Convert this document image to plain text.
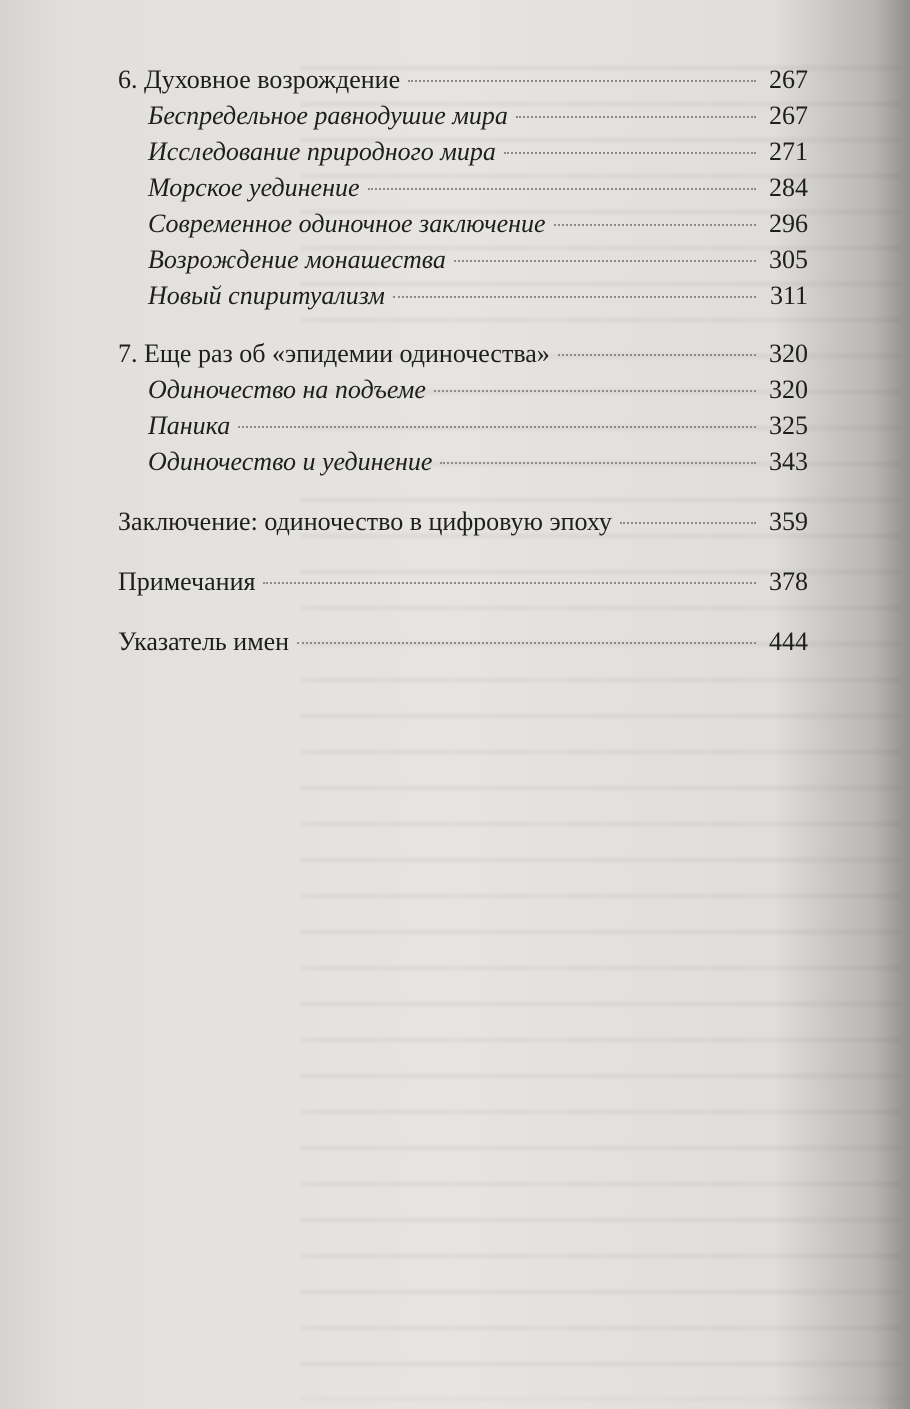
6. Духовное возрождение	267
Беспредельное равнодушие мира	267
Исследование природного мира	271
Морское уединение	284
Современное одиночное заключение	296
Возрождение монашества	305
Новый спиритуализм	311
7. Еще раз об «эпидемии одиночества»	320
Одиночество на подъеме	320
Паника	325
Одиночество и уединение	343
Заключение: одиночество в цифровую эпоху	359
Примечания	378
Указатель имен	444
